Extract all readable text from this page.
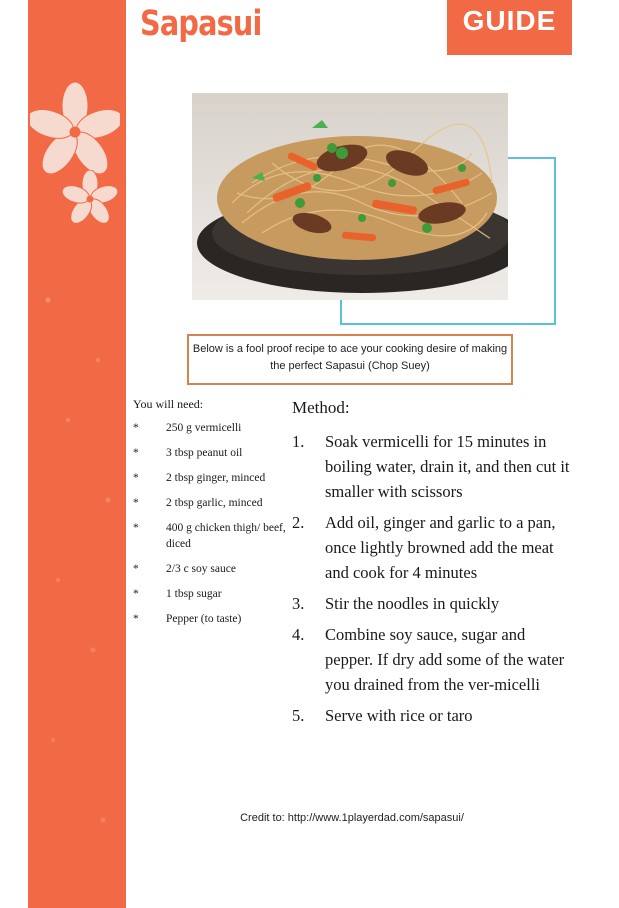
Sapasui	GUIDE
Below is a fool proof recipe to ace your cooking desire of making
the perfect Sapasui (Chop Suey)
You will need:
* 250 g vermicelli
* 3 tbsp peanut oil
* 2 tbsp ginger, minced
* 2 tbsp garlic, minced
* 400 g chicken thigh/ beef, diced
* 2/3 c soy sauce
* 1 tbsp sugar
* Pepper (to taste)
Method:
1. Soak vermicelli for 15 minutes in boiling water, drain it, and then cut it smaller with scissors
2. Add oil, ginger and garlic to a pan, once lightly browned add the meat and cook for 4 minutes
3. Stir the noodles in quickly
4. Combine soy sauce, sugar and pepper. If dry add some of the water you drained from the ver-micelli
5. Serve with rice or taro
Credit to: http://www.1playerdad.com/sapasui/
